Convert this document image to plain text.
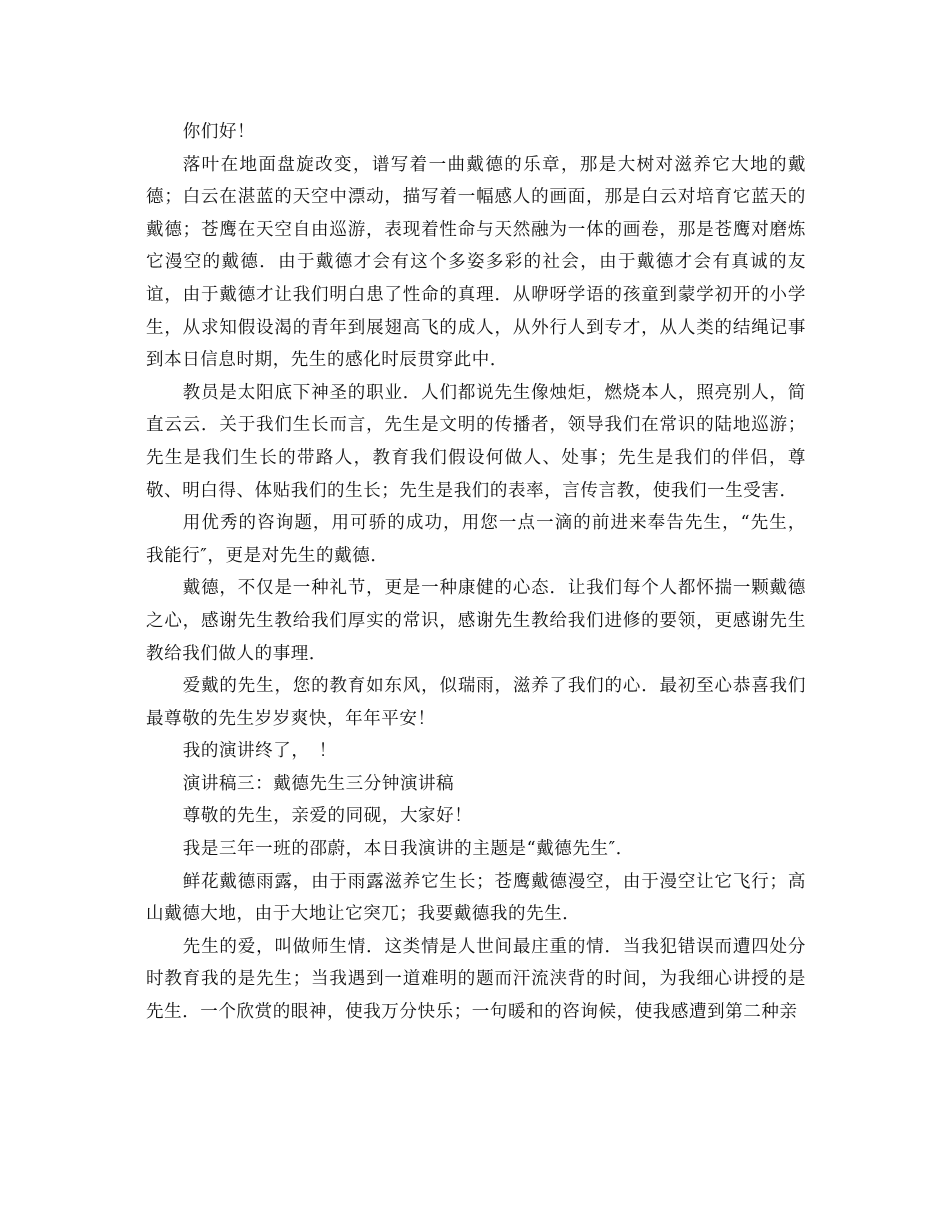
你们好！

落叶在地面盘旋改变，谱写着一曲戴德的乐章，那是大树对滋养它大地的戴德；白云在湛蓝的天空中漂动，描写着一幅感人的画面，那是白云对培育它蓝天的戴德；苍鹰在天空自由巡游，表现着性命与天然融为一体的画卷，那是苍鹰对磨炼它漫空的戴德．由于戴德才会有这个多姿多彩的社会，由于戴德才会有真诚的友谊，由于戴德才让我们明白患了性命的真理．从咿呀学语的孩童到蒙学初开的小学生，从求知假设渴的青年到展翅高飞的成人，从外行人到专才，从人类的结绳记事到本日信息时期，先生的感化时辰贯穿此中．

教员是太阳底下神圣的职业．人们都说先生像烛炬，燃烧本人，照亮别人，简直云云．关于我们生长而言，先生是文明的传播者，领导我们在常识的陆地巡游；先生是我们生长的带路人，教育我们假设何做人、处事；先生是我们的伴侣，尊敬、明白得、体贴我们的生长；先生是我们的表率，言传言教，使我们一生受害．

用优秀的咨询题，用可骄的成功，用您一点一滴的前进来奉告先生，“先生，我能行″，更是对先生的戴德．

戴德，不仅是一种礼节，更是一种康健的心态．让我们每个人都怀揣一颗戴德之心，感谢先生教给我们厚实的常识，感谢先生教给我们进修的要领，更感谢先生教给我们做人的事理．

爱戴的先生，您的教育如东风，似瑞雨，滋养了我们的心．最初至心恭喜我们最尊敬的先生岁岁爽快，年年平安！

我的演讲终了，　！

演讲稿三：戴德先生三分钟演讲稿

尊敬的先生，亲爱的同砚，大家好！

我是三年一班的邵蔚，本日我演讲的主题是“戴德先生″．

鲜花戴德雨露，由于雨露滋养它生长；苍鹰戴德漫空，由于漫空让它飞行；高山戴德大地，由于大地让它突兀；我要戴德我的先生．

先生的爱，叫做师生情．这类情是人世间最庄重的情．当我犯错误而遭四处分时教育我的是先生；当我遇到一道难明的题而汗流浃背的时间，为我细心讲授的是先生．一个欣赏的眼神，使我万分快乐；一句暖和的咨询候，使我感遭到第二种亲
